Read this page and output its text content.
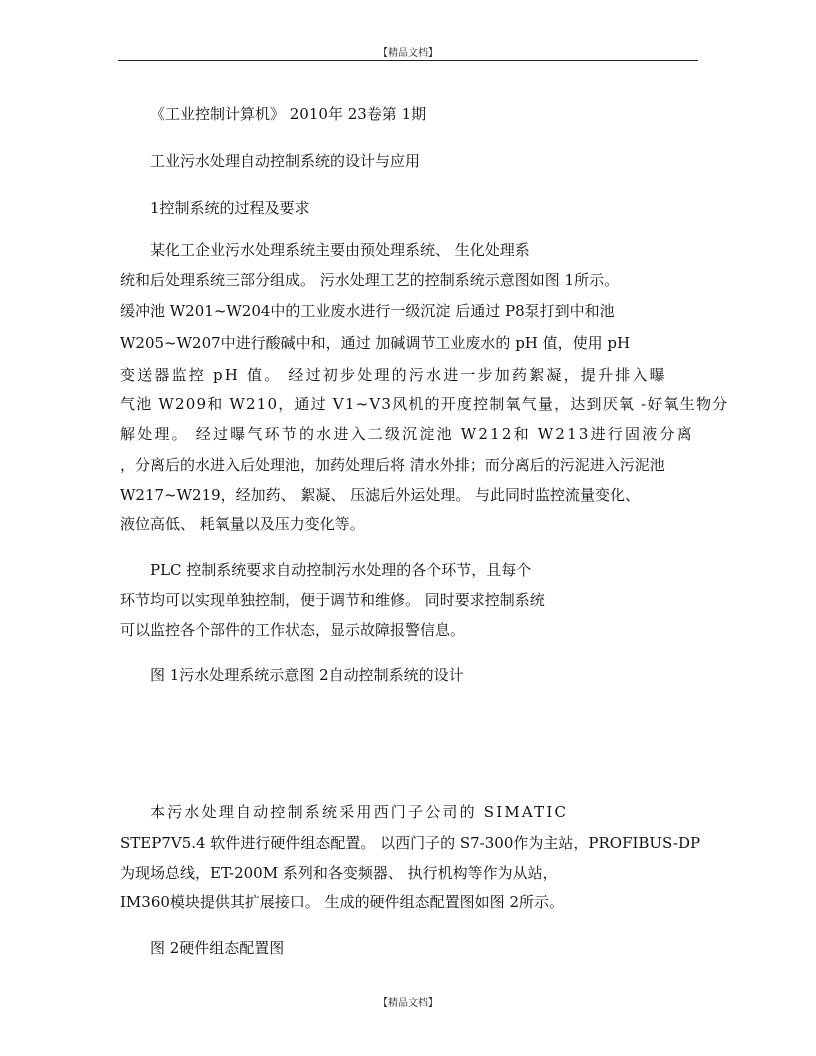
【精品文档】
《工业控制计算机》 2010年 23卷第 1期
工业污水处理自动控制系统的设计与应用
1控制系统的过程及要求
某化工企业污水处理系统主要由预处理系统、 生化处理系
统和后处理系统三部分组成。 污水处理工艺的控制系统示意图如图 1所示。
缓冲池 W201~W204中的工业废水进行一级沉淀 后通过 P8泵打到中和池
W205~W207中进行酸碱中和，通过 加碱调节工业废水的 pH 值，使用 pH
变送器监控 pH 值。 经过初步处理的污水进一步加药絮凝，提升排入曝
气池 W209和 W210，通过 V1~V3风机的开度控制氧气量，达到厌氧 -好氧生物分
解处理。 经过曝气环节的水进入二级沉淀池 W212和 W213进行固液分离
，分离后的水进入后处理池，加药处理后将 清水外排；而分离后的污泥进入污泥池
W217~W219，经加药、 絮凝、 压滤后外运处理。 与此同时监控流量变化、
液位高低、 耗氧量以及压力变化等。
PLC 控制系统要求自动控制污水处理的各个环节，且每个
环节均可以实现单独控制，便于调节和维修。 同时要求控制系统
可以监控各个部件的工作状态，显示故障报警信息。
图 1污水处理系统示意图 2自动控制系统的设计
本污水处理自动控制系统采用西门子公司的 SIMATIC
STEP7V5.4 软件进行硬件组态配置。 以西门子的 S7-300作为主站，PROFIBUS-DP
为现场总线，ET-200M 系列和各变频器、 执行机构等作为从站，
IM360模块提供其扩展接口。 生成的硬件组态配置图如图 2所示。
图 2硬件组态配置图
【精品文档】
